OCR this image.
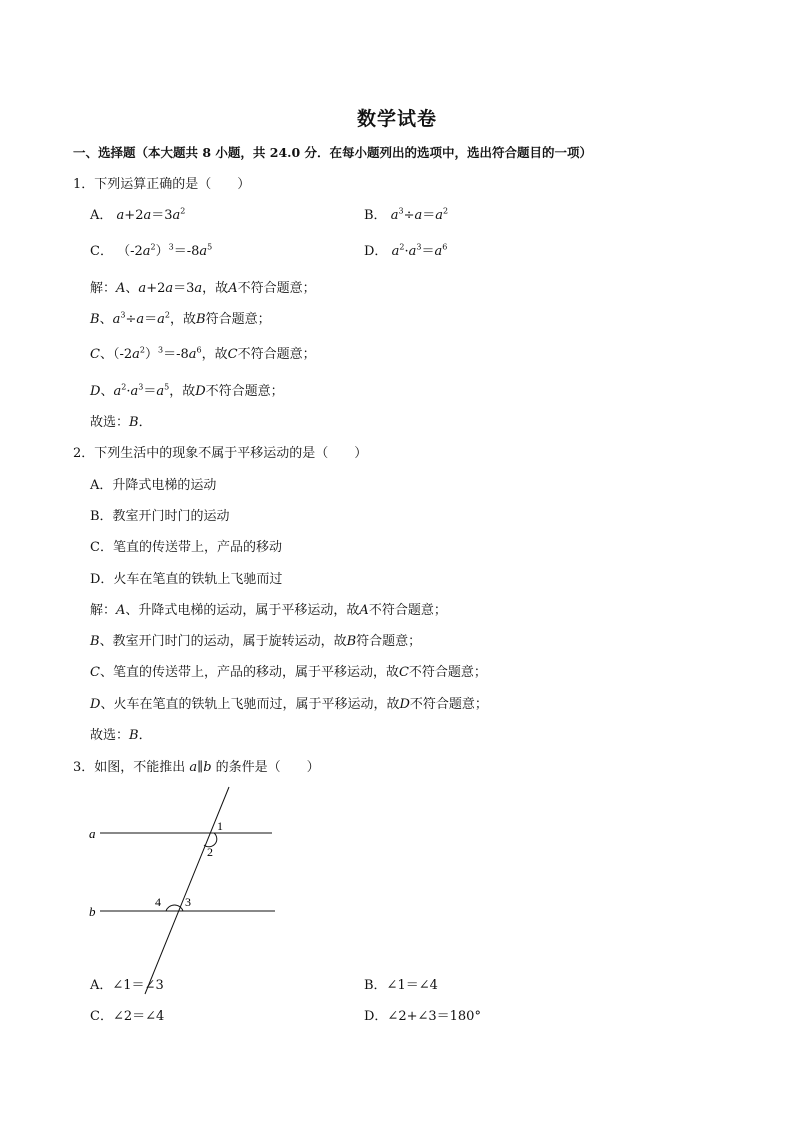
数学试卷
一、选择题（本大题共 8 小题，共 24.0 分．在每小题列出的选项中，选出符合题目的一项）
1．下列运算正确的是（　　）
A． $a+2a=3a^2$	B． $a^3\div a=a^2$
C． $(-2a^2)^3=-8a^5$	D． $a^2\cdot a^3=a^6$
解：A、a+2a＝3a，故A不符合题意；
B、$a^3\div a=a^2$，故B符合题意；
C、$(-2a^2)^3=-8a^6$，故C不符合题意；
D、$a^2\cdot a^3=a^5$，故D不符合题意；
故选：B．
2．下列生活中的现象不属于平移运动的是（　　）
A．升降式电梯的运动
B．教室开门时门的运动
C．笔直的传送带上，产品的移动
D．火车在笔直的铁轨上飞驰而过
解：A、升降式电梯的运动，属于平移运动，故A不符合题意；
B、教室开门时门的运动，属于旋转运动，故B符合题意；
C、笔直的传送带上，产品的移动，属于平移运动，故C不符合题意；
D、火车在笔直的铁轨上飞驰而过，属于平移运动，故D不符合题意；
故选：B．
3．如图，不能推出 a∥b 的条件是（　　）
a
b
1
2
4 3
A．∠1＝∠3	B．∠1＝∠4
C．∠2＝∠4	D．∠2+∠3＝180°
